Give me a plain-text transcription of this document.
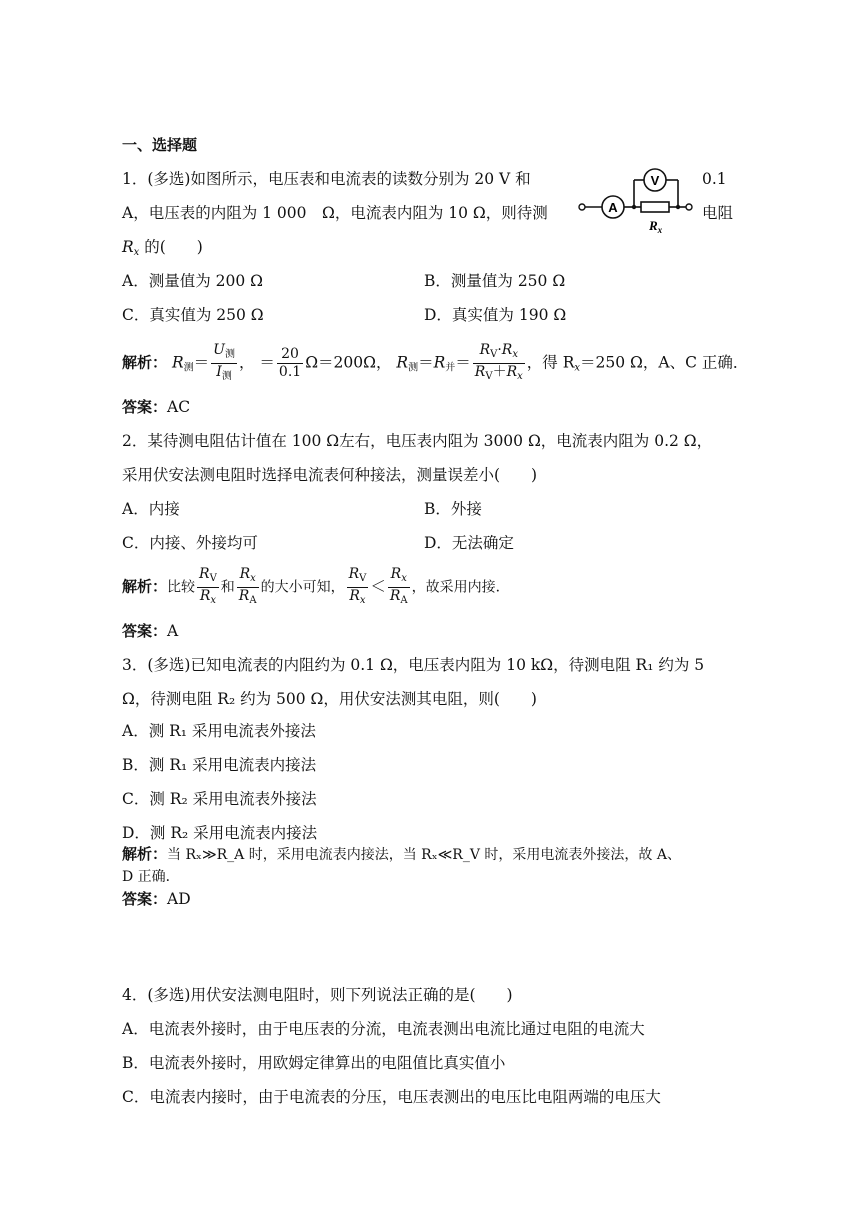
一、选择题
1．(多选)如图所示，电压表和电流表的读数分别为 20 V 和	0.1
A，电压表的内阻为 1 000　Ω，电流表内阻为 10 Ω，则待测	电阻
$R_x$ 的(　　)
A
V
$R_x$
A．测量值为 200 Ω	B．测量值为 250 Ω
C．真实值为 250 Ω	D．真实值为 190 Ω
解析： $R_测= \frac{U_测}{I_测}$ ， ＝ $\frac{20}{0.1} \Omega=200\Omega$， $R_测=R_并= \frac{R_V\cdot R_x}{R_V+R_x}$ ，得 $R_x=250$ Ω，A、C 正确．
答案：AC
2．某待测电阻估计值在 100 Ω左右，电压表内阻为 3000 Ω，电流表内阻为 0.2 Ω，
采用伏安法测电阻时选择电流表何种接法，测量误差小(　　)
A．内接	B．外接
C．内接、外接均可	D．无法确定
解析：比较 $\frac{R_V}{R_x}$ 和 $\frac{R_x}{R_A}$ 的大小可知， $\frac{R_V}{R_x} < \frac{R_x}{R_A}$ ，故采用内接．
答案：A
3．(多选)已知电流表的内阻约为 0.1 Ω，电压表内阻为 10 kΩ，待测电阻 R₁ 约为 5
Ω，待测电阻 R₂ 约为 500 Ω，用伏安法测其电阻，则(　　)
A．测 R₁ 采用电流表外接法
B．测 R₁ 采用电流表内接法
C．测 R₂ 采用电流表外接法
D．测 R₂ 采用电流表内接法
解析：当 Rₓ≫R_A 时，采用电流表内接法，当 Rₓ≪R_V 时，采用电流表外接法，故 A、
D 正确．
答案：AD
4．(多选)用伏安法测电阻时，则下列说法正确的是(　　)
A．电流表外接时，由于电压表的分流，电流表测出电流比通过电阻的电流大
B．电流表外接时，用欧姆定律算出的电阻值比真实值小
C．电流表内接时，由于电流表的分压，电压表测出的电压比电阻两端的电压大
